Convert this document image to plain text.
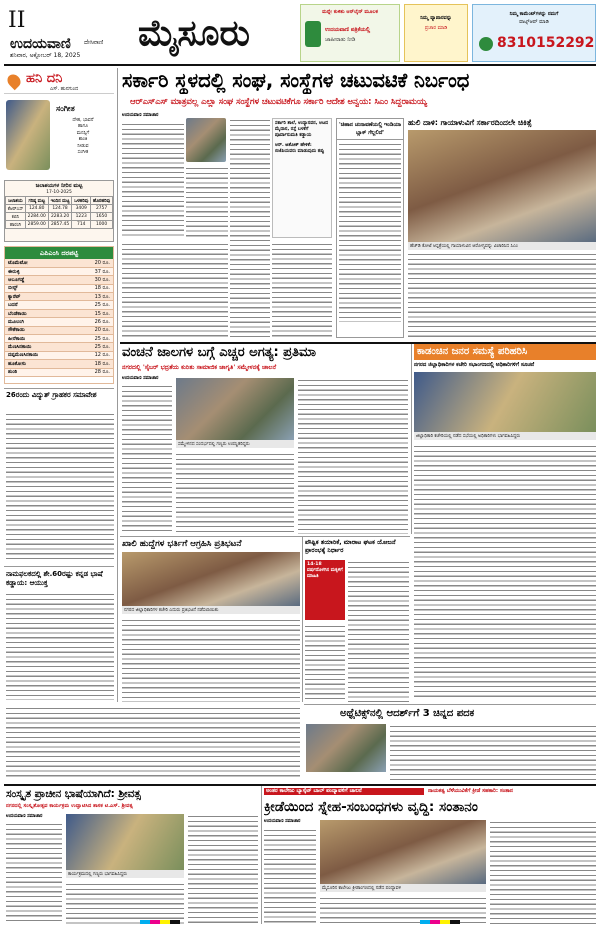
II
ಉದಯವಾಣಿ ದೇಸಿವಾಣಿ
ಶನಿವಾರ, ಅಕ್ಟೋಬರ್ 18, 2025
ಮೈಸೂರು	ಮನ್ನೇ ಕುಳಿತು ಆನ್‌ಲೈನ್‌ ಮೂಲಕ
ಉದಯವಾಣಿ ಪತ್ರಿಕೆಯಲ್ಲಿ
ಜಾಹೀರಾತು ನೀಡಿ
ನಿಮ್ಮ ವ್ಯಾಪಾರವನ್ನು
ಪ್ರಚಾರ ಮಾಡಿ
ನಿಮ್ಮ ಕಾಮೆಂಟ್‌ಗಳನ್ನು ನಮಗೆ
ವಾಟ್ಸ್‌ಆಪ್ ಮಾಡಿ
8310152292
ಹನಿ ದನಿ
ಎಸ್. ಹುನಗುಂದ
ಸಂಗೀತ
ದೇಹ, ಭಾವನೆ
ಹಾಗೂ
ಮನಸ್ಸಿಗೆ
ಶಾಂತಿ
ನೀಡುವ
ಸಂಗೀತ
ಜಲಾಶಯಗಳ ನೀರಿನ ಮಟ್ಟ
17-10-2025
ಜಲಾಶಯ	ಗರಿಷ್ಠ ಮಟ್ಟ	ಇಂದಿನ ಮಟ್ಟ	ಒಳಹರಿವು	ಹೊರಹರಿವು
ಕೆಆರ್‌ಎಸ್	124.80	124.78	3409	2757
ಕಬಿನಿ	2284.00	2283.20	1223	1650
ಹಾರಂಗಿ	2859.00	2857.45	714	1000
ಎಪಿಎಂಸಿ ದರಪಟ್ಟಿ
ಟೊಮೆಟೋ	20 ರೂ.
ಈರುಳ್ಳಿ	37 ರೂ.
ಆಲೂಗಡ್ಡೆ	30 ರೂ.
ಬೀನ್ಸ್	18 ರೂ.
ಕ್ಯಾರೆಟ್	13 ರೂ.
ಬದನೆ	25 ರೂ.
ಬೆಂಡೆಕಾಯಿ	15 ರೂ.
ಮೂಲಂಗಿ	26 ರೂ.
ಸೌತೆಕಾಯಿ	20 ರೂ.
ಹೀರೆಕಾಯಿ	25 ರೂ.
ಮೆಣಸಿನಕಾಯಿ	25 ರೂ.
ದಪ್ಪಮೆಣಸಿನಕಾಯಿ	12 ರೂ.
ಹೂಕೋಸು	18 ರೂ.
ಶುಂಠಿ	28 ರೂ.
26ರಂದು ವಿದ್ಯುತ್ ಗ್ರಾಹಕರ ಸಮಾವೇಶ
ನಾಮಫಲಕದಲ್ಲಿ ಶೇ.60ರಷ್ಟು ಕನ್ನಡ ಭಾಷೆ ಕಡ್ಡಾಯ: ಆಯುಕ್ತ
ಸರ್ಕಾರಿ ಸ್ಥಳದಲ್ಲಿ ಸಂಘ, ಸಂಸ್ಥೆಗಳ ಚಟುವಟಿಕೆ ನಿರ್ಬಂಧ
ಆರ್‌ಎಸ್‌ಎಸ್ ಮಾತ್ರವಲ್ಲ ಎಲ್ಲಾ ಸಂಘ ಸಂಸ್ಥೆಗಳ ಚಟುವಟಿಕೆಗೂ ಸರ್ಕಾರಿ ಆದೇಶ ಅನ್ವಯ: ಸಿಎಂ ಸಿದ್ದರಾಮಯ್ಯ
ಉದಯವಾಣಿ ಸಮಾಚಾರ
ಸರ್ಕಾರಿ ಶಾಲೆ, ಉದ್ಯಾನವನ, ಆಟದ ಮೈದಾನ, ರಸ್ತೆ ಬಳಕೆಗೆ ಪೂರ್ವಾನುಮತಿ ಕಡ್ಡಾಯ
ಆರ್. ಅಶೋಕ್ ಹೇಳಿಕೆ: ಬಿಜೆಪಿಯವರು ಮಾಡುವುದು ತಪ್ಪು
'ಚಿಹಾನ ಚುನಾವಣೆಯಲ್ಲಿ ಇಂಡಿಯಾ ಬ್ಲಾಕ್ ಗೆಲ್ಲಲಿದೆ'
ಹುಲಿ ದಾಳಿ: ಗಾಯಾಳುವಿಗೆ ಸರ್ಕಾರದಿಂದಲೇ ಚಿಕಿತ್ಸೆ
ಹೆಚ್‌ಡಿ ಕೋಟೆ ಆಸ್ಪತ್ರೆಯಲ್ಲಿ ಗಾಯಾಳುವಿನ ಆರೋಗ್ಯವನ್ನು ವಿಚಾರಿಸಿದ ಸಿಎಂ
ವಂಚನೆ ಜಾಲಗಳ ಬಗ್ಗೆ ಎಚ್ಚರ ಅಗತ್ಯ: ಪ್ರತಿಮಾ
ನಗರದಲ್ಲಿ 'ಸೈಬರ್ ಭದ್ರತೆಯ ಕುರಿತು ಸಾಮಾಜಿಕ ಜಾಗೃತಿ' ಸಮ್ಮೇಳನಕ್ಕೆ ಚಾಲನೆ
ಉದಯವಾಣಿ ಸಮಾಚಾರ
ಸಮ್ಮೇಳನದ ಸಂದರ್ಭದಲ್ಲಿ ಗಣ್ಯರು ಉಪಸ್ಥಿತರಿದ್ದರು
ಕಾಡಂಚಿನ ಜನರ ಸಮಸ್ಯೆ ಪರಿಹರಿಸಿ
ನಗರದ ಜಿಲ್ಲಾಧಿಕಾರಿಗಳ ಕಚೇರಿ ಸಭಾಂಗಣದಲ್ಲಿ ಅಧಿಕಾರಿಗಳಿಗೆ ಸೂಚನೆ
ಜಿಲ್ಲಾಧಿಕಾರಿ ಕಚೇರಿಯಲ್ಲಿ ನಡೆದ ಸಭೆಯಲ್ಲಿ ಅಧಿಕಾರಿಗಳು ಭಾಗವಹಿಸಿದ್ದರು
ಖಾಲಿ ಹುದ್ದೆಗಳ ಭರ್ತಿಗೆ ಆಗ್ರಹಿಸಿ ಪ್ರತಿಭಟನೆ
ನಗರದ ಜಿಲ್ಲಾಧಿಕಾರಿಗಳ ಕಚೇರಿ ಎದುರು ಪ್ರತಿಭಟನೆ ನಡೆಸಲಾಯಿತು
ಪೌಷ್ಟಿಕ ತಯಾರಿಕೆ, ಮಾರಾಟ ಘಟಕ ಯೋಜನೆ ಪ್ರಾರಂಭಕ್ಕೆ ನಿರ್ಧಾರ
14-18 ವರ್ಷದೊಳಗಿನ ಮಕ್ಕಳಿಗೆ ಮಾಹಿತಿ
ಅಥ್ಲೆಟಿಕ್ಸ್‌ನಲ್ಲಿ ಆದರ್ಶ್‌ಗೆ 3 ಚಿನ್ನದ ಪದಕ
ಸಂಸ್ಕೃತ ಪ್ರಾಚೀನ ಭಾಷೆಯಾಗಿದೆ: ಶ್ರೀವತ್ಸ
ನಗರದಲ್ಲಿ ಸಂಸ್ಕೃತೋತ್ಸವ ಕಾರ್ಯಕ್ರಮ ಉದ್ಘಾಟಿಸಿದ ಶಾಸಕ ಟಿ.ಎಸ್. ಶ್ರೀವತ್ಸ
ಉದಯವಾಣಿ ಸಮಾಚಾರ
ಕಾರ್ಯಕ್ರಮದಲ್ಲಿ ಗಣ್ಯರು ಭಾಗವಹಿಸಿದ್ದರು
ಅಂತರ ಕಾಲೇಜು ಬ್ಯಾಸ್ಕೆಟ್ ಬಾಲ್ ಪಂದ್ಯಾವಳಿಗೆ ಚಾಲನೆ	ನಾಯಕತ್ವ ಬೆಳೆಯುವಿಕೆಗೆ ಕ್ರೀಡೆ ಸಹಕಾರಿ: ಸಂತಾನ
ಕ್ರೀಡೆಯಿಂದ ಸ್ನೇಹ-ಸಂಬಂಧಗಳು ವೃದ್ಧಿ: ಸಂತಾನಂ
ಉದಯವಾಣಿ ಸಮಾಚಾರ
ಮೈಸೂರಿನ ಕಾಲೇಜು ಕ್ರೀಡಾಂಗಣದಲ್ಲಿ ನಡೆದ ಪಂದ್ಯಾವಳಿ
